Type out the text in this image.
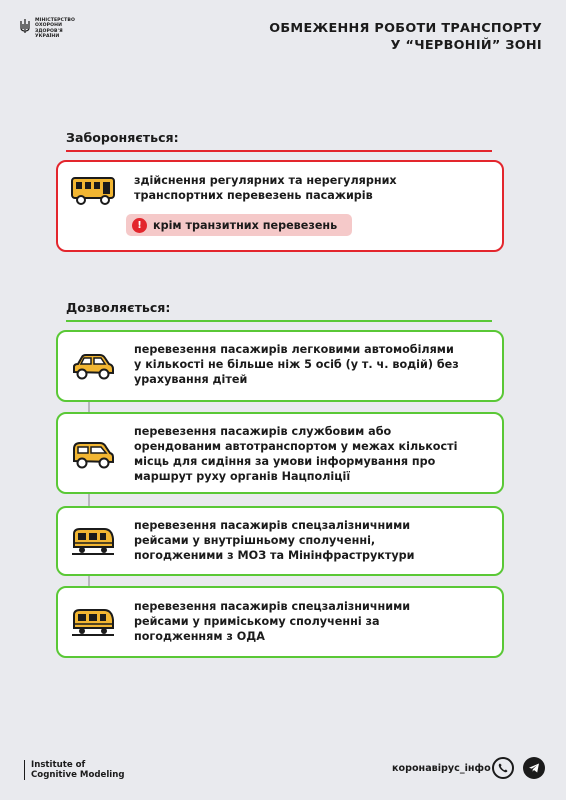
МІНІСТЕРСТВО
ОХОРОНИ
ЗДОРОВ'Я
УКРАЇНИ
ОБМЕЖЕННЯ РОБОТИ ТРАНСПОРТУ
У “ЧЕРВОНІЙ” ЗОНІ
Забороняється:
здійснення регулярних та нерегулярних
транспортних перевезень пасажирів
!	крім транзитних перевезень
Дозволяється:
перевезення пасажирів легковими автомобілями
у кількості не більше ніж 5 осіб (у т. ч. водій) без
урахування дітей
перевезення пасажирів службовим або
орендованим автотранспортом у межах кількості
місць для сидіння за умови інформування про
маршрут руху органів Нацполіції
перевезення пасажирів спецзалізничними
рейсами у внутрішньому сполученні,
погодженими з МОЗ та Мінінфраструктури
перевезення пасажирів спецзалізничними
рейсами у приміському сполученні за
погодженням з ОДА
Institute of
Cognitive Modeling
коронавірус_інфо
